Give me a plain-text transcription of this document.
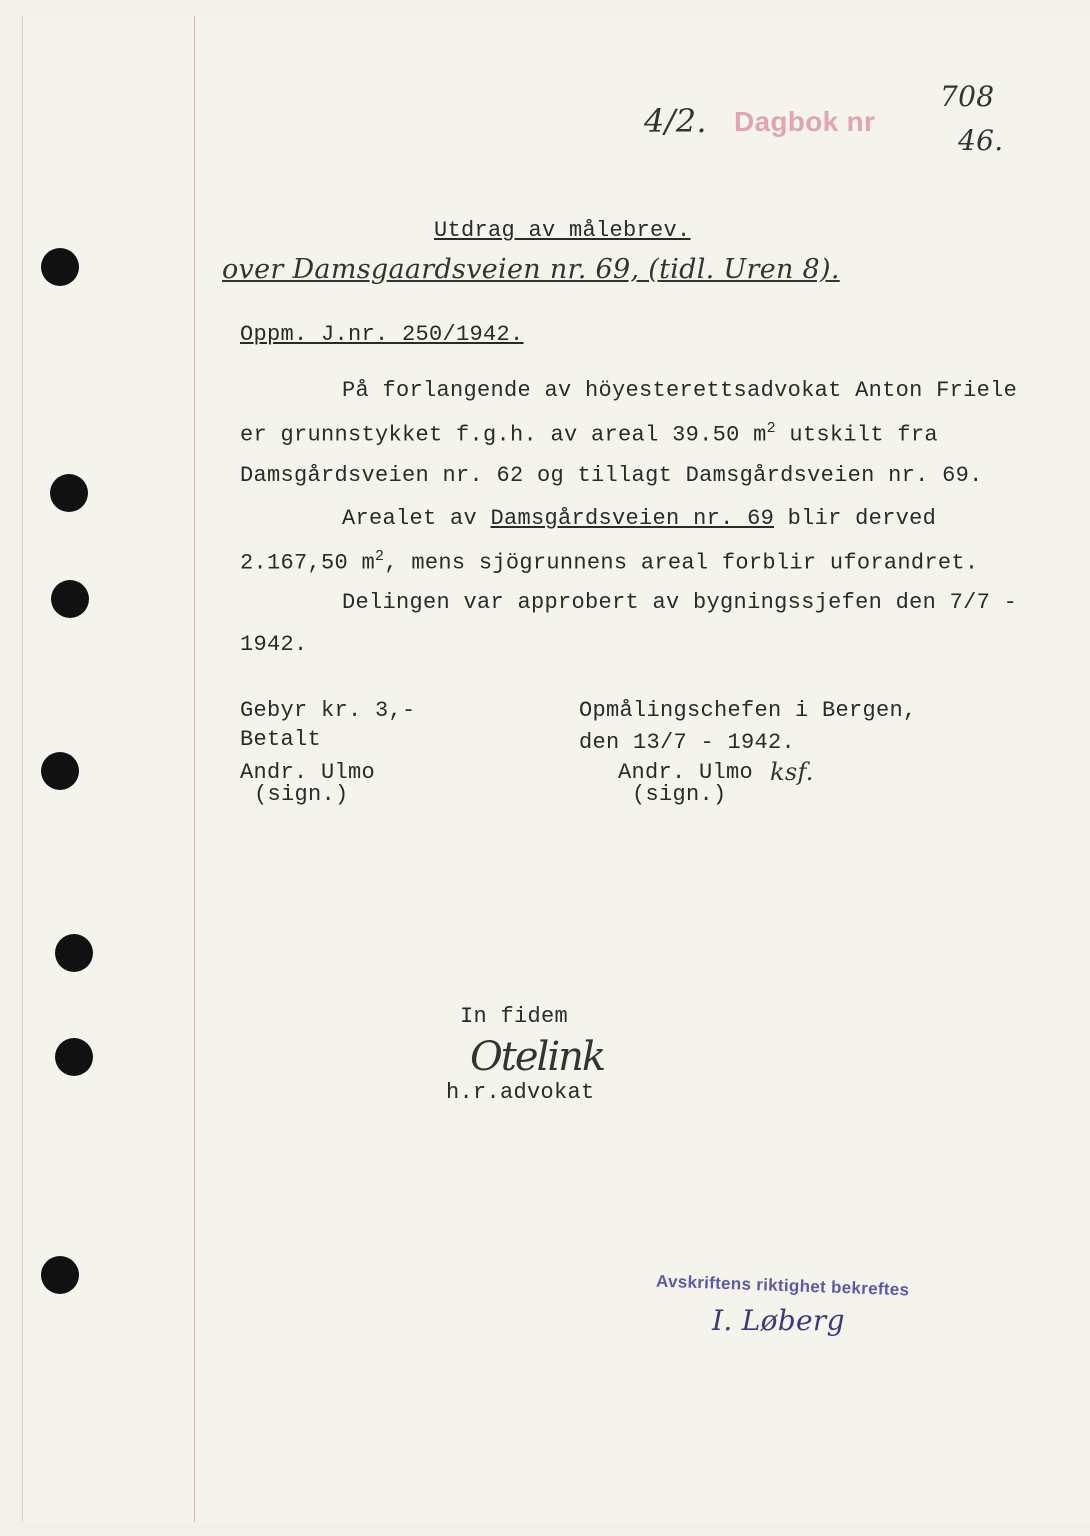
4/2. Dagbok nr
708
46.
Utdrag av målebrev.
over Damsgaardsveien nr. 69, (tidl. Uren 8).
Oppm. J.nr. 250/1942.
På forlangende av höyesterettsadvokat Anton Friele
er grunnstykket f.g.h. av areal 39.50 $m^2$ utskilt fra
Damsgårdsveien nr. 62 og tillagt Damsgårdsveien nr. 69.
Arealet av Damsgårdsveien nr. 69 blir derved
2.167,50 $m^2$, mens sjögrunnens areal forblir uforandret.
Delingen var approbert av bygningssjefen den 7/7 -
1942.
Gebyr kr. 3,-
Betalt
Andr. Ulmo
(sign.)
Opmålingschefen i Bergen,
den 13/7 - 1942.
Andr. Ulmo ksf.
(sign.)
In fidem
Otelink
h.r.advokat
Avskriftens riktighet bekreftes
I. Løberg
